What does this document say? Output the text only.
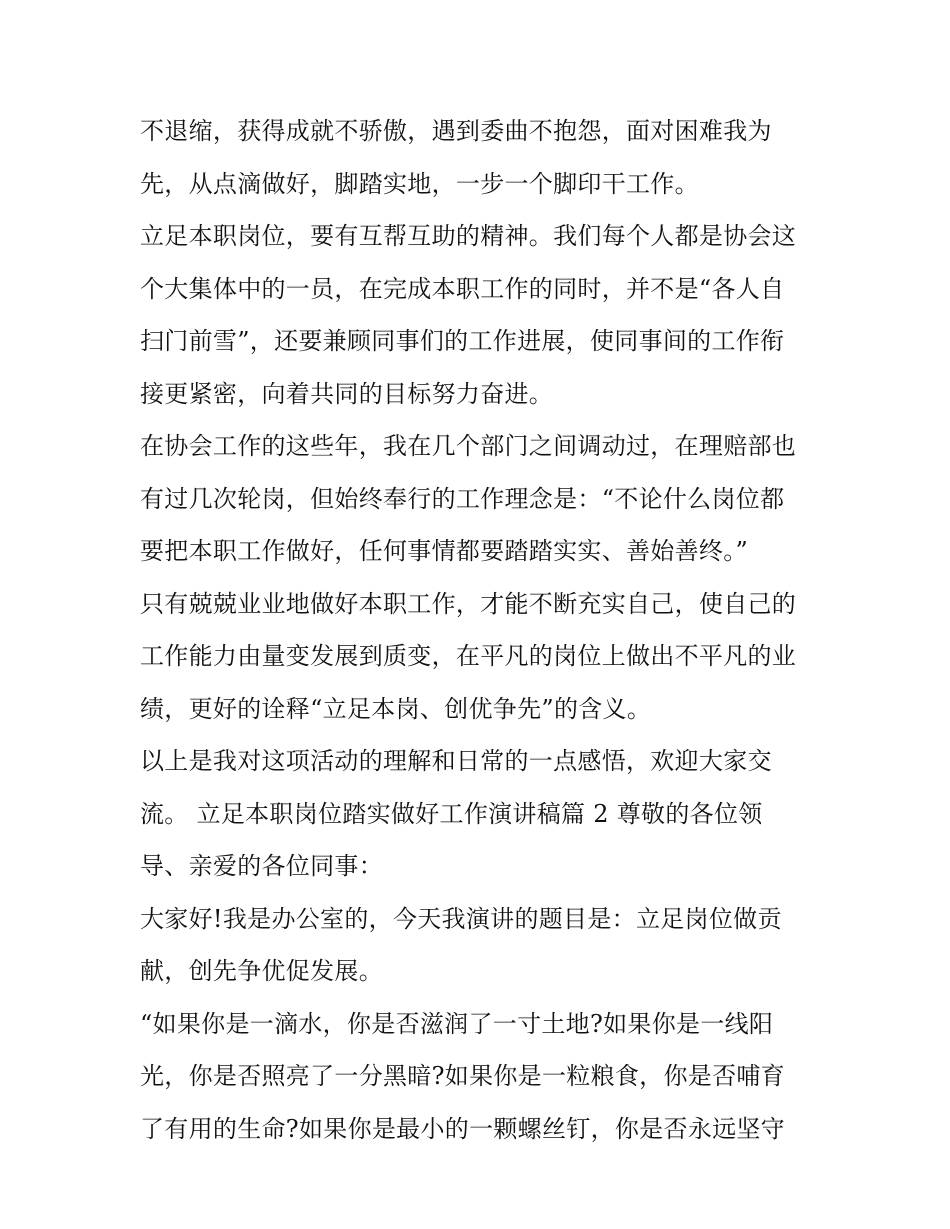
不退缩，获得成就不骄傲，遇到委曲不抱怨，面对困难我为
先，从点滴做好，脚踏实地，一步一个脚印干工作。
立足本职岗位，要有互帮互助的精神。我们每个人都是协会这
个大集体中的一员，在完成本职工作的同时，并不是“各人自
扫门前雪”，还要兼顾同事们的工作进展，使同事间的工作衔
接更紧密，向着共同的目标努力奋进。
在协会工作的这些年，我在几个部门之间调动过，在理赔部也
有过几次轮岗，但始终奉行的工作理念是：“不论什么岗位都
要把本职工作做好，任何事情都要踏踏实实、善始善终。”
只有兢兢业业地做好本职工作，才能不断充实自己，使自己的
工作能力由量变发展到质变，在平凡的岗位上做出不平凡的业
绩，更好的诠释“立足本岗、创优争先”的含义。
以上是我对这项活动的理解和日常的一点感悟，欢迎大家交
流。 立足本职岗位踏实做好工作演讲稿篇 2 尊敬的各位领
导、亲爱的各位同事：
大家好!我是办公室的，今天我演讲的题目是：立足岗位做贡
献，创先争优促发展。
“如果你是一滴水，你是否滋润了一寸土地?如果你是一线阳
光，你是否照亮了一分黑暗?如果你是一粒粮食，你是否哺育
了有用的生命?如果你是最小的一颗螺丝钉，你是否永远坚守
